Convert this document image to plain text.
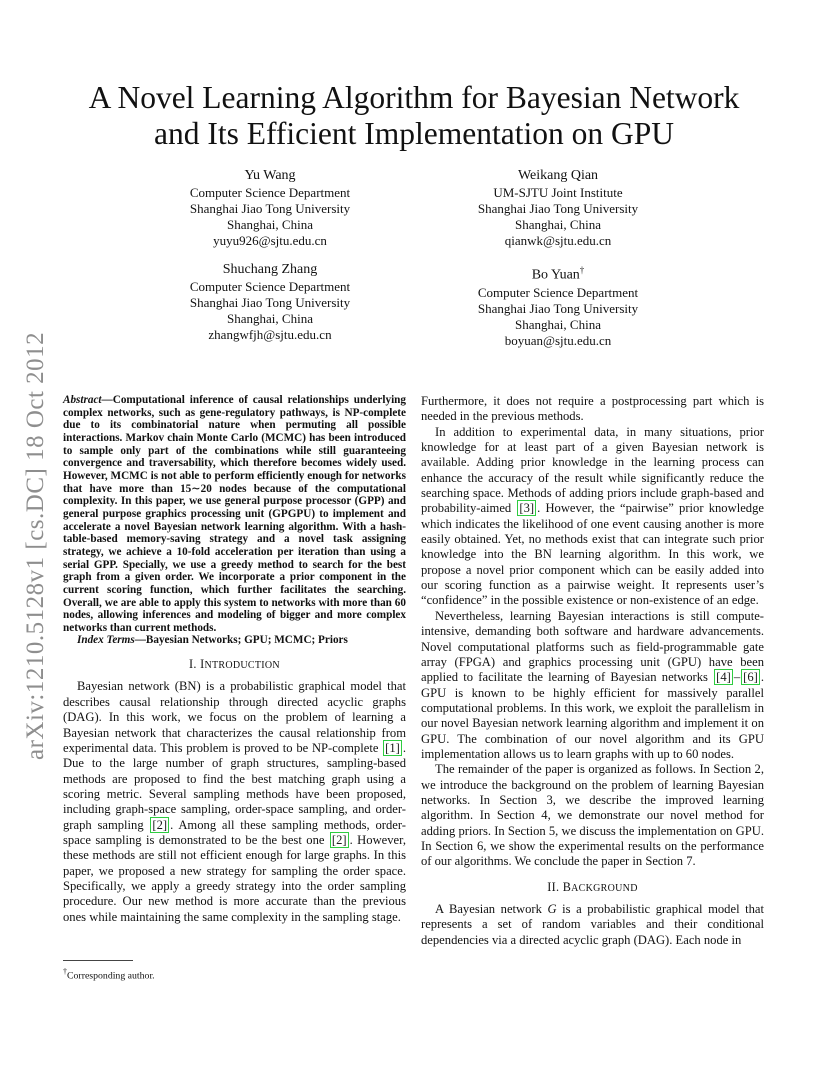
arXiv:1210.5128v1 [cs.DC] 18 Oct 2012
A Novel Learning Algorithm for Bayesian Network
and Its Efficient Implementation on GPU
Yu Wang
Computer Science Department
Shanghai Jiao Tong University
Shanghai, China
yuyu926@sjtu.edu.cn
Weikang Qian
UM-SJTU Joint Institute
Shanghai Jiao Tong University
Shanghai, China
qianwk@sjtu.edu.cn
Shuchang Zhang
Computer Science Department
Shanghai Jiao Tong University
Shanghai, China
zhangwfjh@sjtu.edu.cn
Bo Yuan†
Computer Science Department
Shanghai Jiao Tong University
Shanghai, China
boyuan@sjtu.edu.cn

Abstract—Computational inference of causal relationships underlying complex networks, such as gene-regulatory pathways, is NP-complete due to its combinatorial nature when permuting all possible interactions. Markov chain Monte Carlo (MCMC) has been introduced to sample only part of the combinations while still guaranteeing convergence and traversability, which therefore becomes widely used. However, MCMC is not able to perform efficiently enough for networks that have more than 15∼20 nodes because of the computational complexity. In this paper, we use general purpose processor (GPP) and general purpose graphics processing unit (GPGPU) to implement and accelerate a novel Bayesian network learning algorithm. With a hash-table-based memory-saving strategy and a novel task assigning strategy, we achieve a 10-fold acceleration per iteration than using a serial GPP. Specially, we use a greedy method to search for the best graph from a given order. We incorporate a prior component in the current scoring function, which further facilitates the searching. Overall, we are able to apply this system to networks with more than 60 nodes, allowing inferences and modeling of bigger and more complex networks than current methods.

Index Terms—Bayesian Networks; GPU; MCMC; Priors

I. INTRODUCTION

Bayesian network (BN) is a probabilistic graphical model that describes causal relationship through directed acyclic graphs (DAG). In this work, we focus on the problem of learning a Bayesian network that characterizes the causal relationship from experimental data. This problem is proved to be NP-complete [1] . Due to the large number of graph structures, sampling-based methods are proposed to find the best matching graph using a scoring metric. Several sampling methods have been proposed, including graph-space sampling, order-space sampling, and order-graph sampling [2] . Among all these sampling methods, order-space sampling is demonstrated to be the best one [2] . However, these methods are still not efficient enough for large graphs. In this paper, we proposed a new strategy for sampling the order space. Specifically, we apply a greedy strategy into the order sampling procedure. Our new method is more accurate than the previous ones while maintaining the same complexity in the sampling stage.

†Corresponding author.

Furthermore, it does not require a postprocessing part which is needed in the previous methods.

In addition to experimental data, in many situations, prior knowledge for at least part of a given Bayesian network is available. Adding prior knowledge in the learning process can enhance the accuracy of the result while significantly reduce the searching space. Methods of adding priors include graph-based and probability-aimed [3] . However, the “pairwise” prior knowledge which indicates the likelihood of one event causing another is more easily obtained. Yet, no methods exist that can integrate such prior knowledge into the BN learning algorithm. In this work, we propose a novel prior component which can be easily added into our scoring function as a pairwise weight. It represents user’s “confidence” in the possible existence or non-existence of an edge.

Nevertheless, learning Bayesian interactions is still compute-intensive, demanding both software and hardware advancements. Novel computational platforms such as field-programmable gate array (FPGA) and graphics processing unit (GPU) have been applied to facilitate the learning of Bayesian networks [4] – [6] . GPU is known to be highly efficient for massively parallel computational problems. In this work, we exploit the parallelism in our novel Bayesian network learning algorithm and implement it on GPU. The combination of our novel algorithm and its GPU implementation allows us to learn graphs with up to 60 nodes.

The remainder of the paper is organized as follows. In Section 2, we introduce the background on the problem of learning Bayesian networks. In Section 3, we describe the improved learning algorithm. In Section 4, we demonstrate our novel method for adding priors. In Section 5, we discuss the implementation on GPU. In Section 6, we show the experimental results on the performance of our algorithms. We conclude the paper in Section 7.

II. BACKGROUND

A Bayesian network G is a probabilistic graphical model that represents a set of random variables and their conditional dependencies via a directed acyclic graph (DAG). Each node in
